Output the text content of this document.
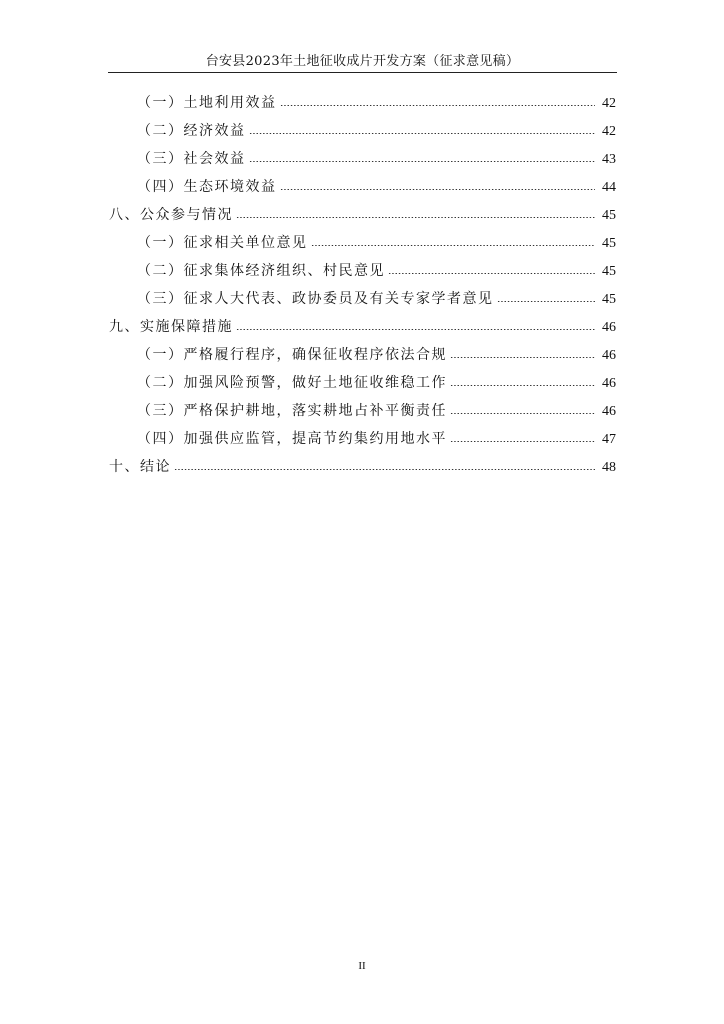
台安县2023年土地征收成片开发方案（征求意见稿）
（一）土地利用效益	42
（二）经济效益	42
（三）社会效益	43
（四）生态环境效益	44
八、公众参与情况	45
（一）征求相关单位意见	45
（二）征求集体经济组织、村民意见	45
（三）征求人大代表、政协委员及有关专家学者意见	45
九、实施保障措施	46
（一）严格履行程序，确保征收程序依法合规	46
（二）加强风险预警，做好土地征收维稳工作	46
（三）严格保护耕地，落实耕地占补平衡责任	46
（四）加强供应监管，提高节约集约用地水平	47
十、结论	48
II
